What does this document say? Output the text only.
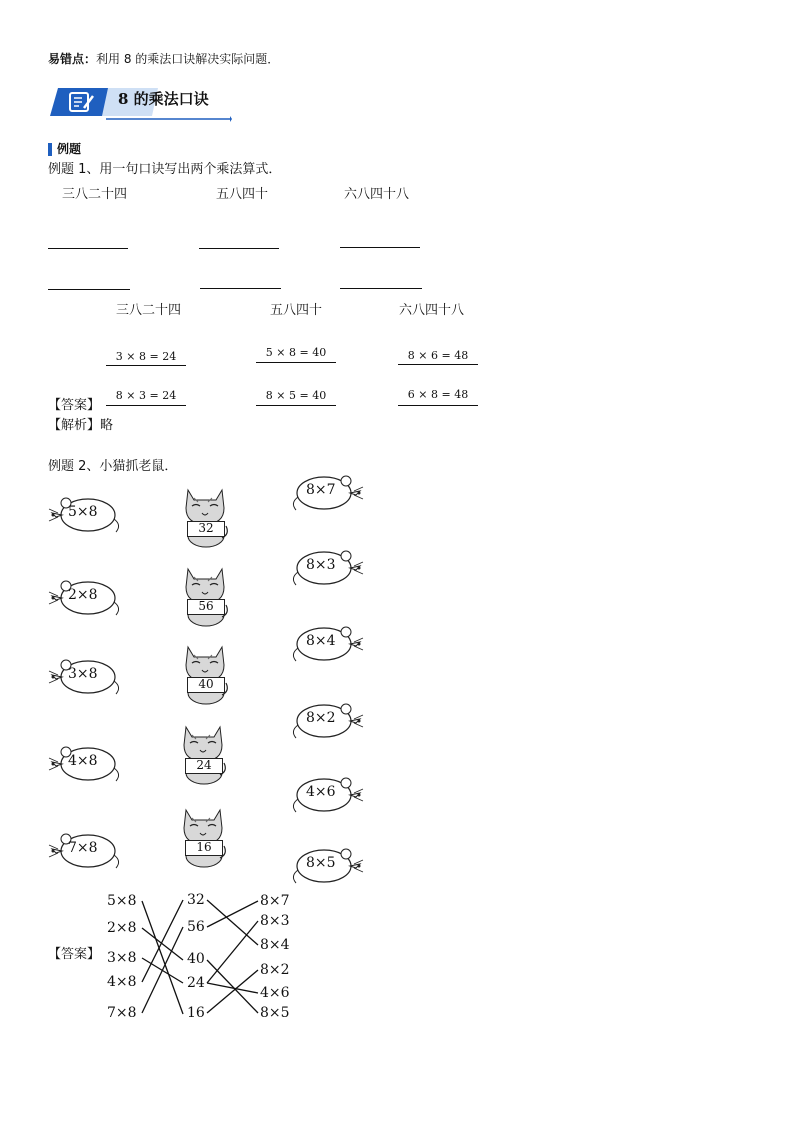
易错点：利用 8 的乘法口诀解决实际问题．
8 的乘法口诀
例题
例题 1、用一句口诀写出两个乘法算式．
三八二十四	五八四十	六八四十八
三八二十四	五八四十	六八四十八
3 × 8 = 24	5 × 8 = 40	8 × 6 = 48
【答案】
8 × 3 = 24	8 × 5 = 40	6 × 8 = 48
【解析】略
例题 2、小猫抓老鼠．
5×8
2×8
3×8
4×8
7×8
32
56
40
24
16
8×7
8×3
8×4
8×2
4×6
8×5
【答案】
5×8
2×8
3×8
4×8
7×8
32
56
40
24
16
8×7
8×3
8×4
8×2
4×6
8×5
